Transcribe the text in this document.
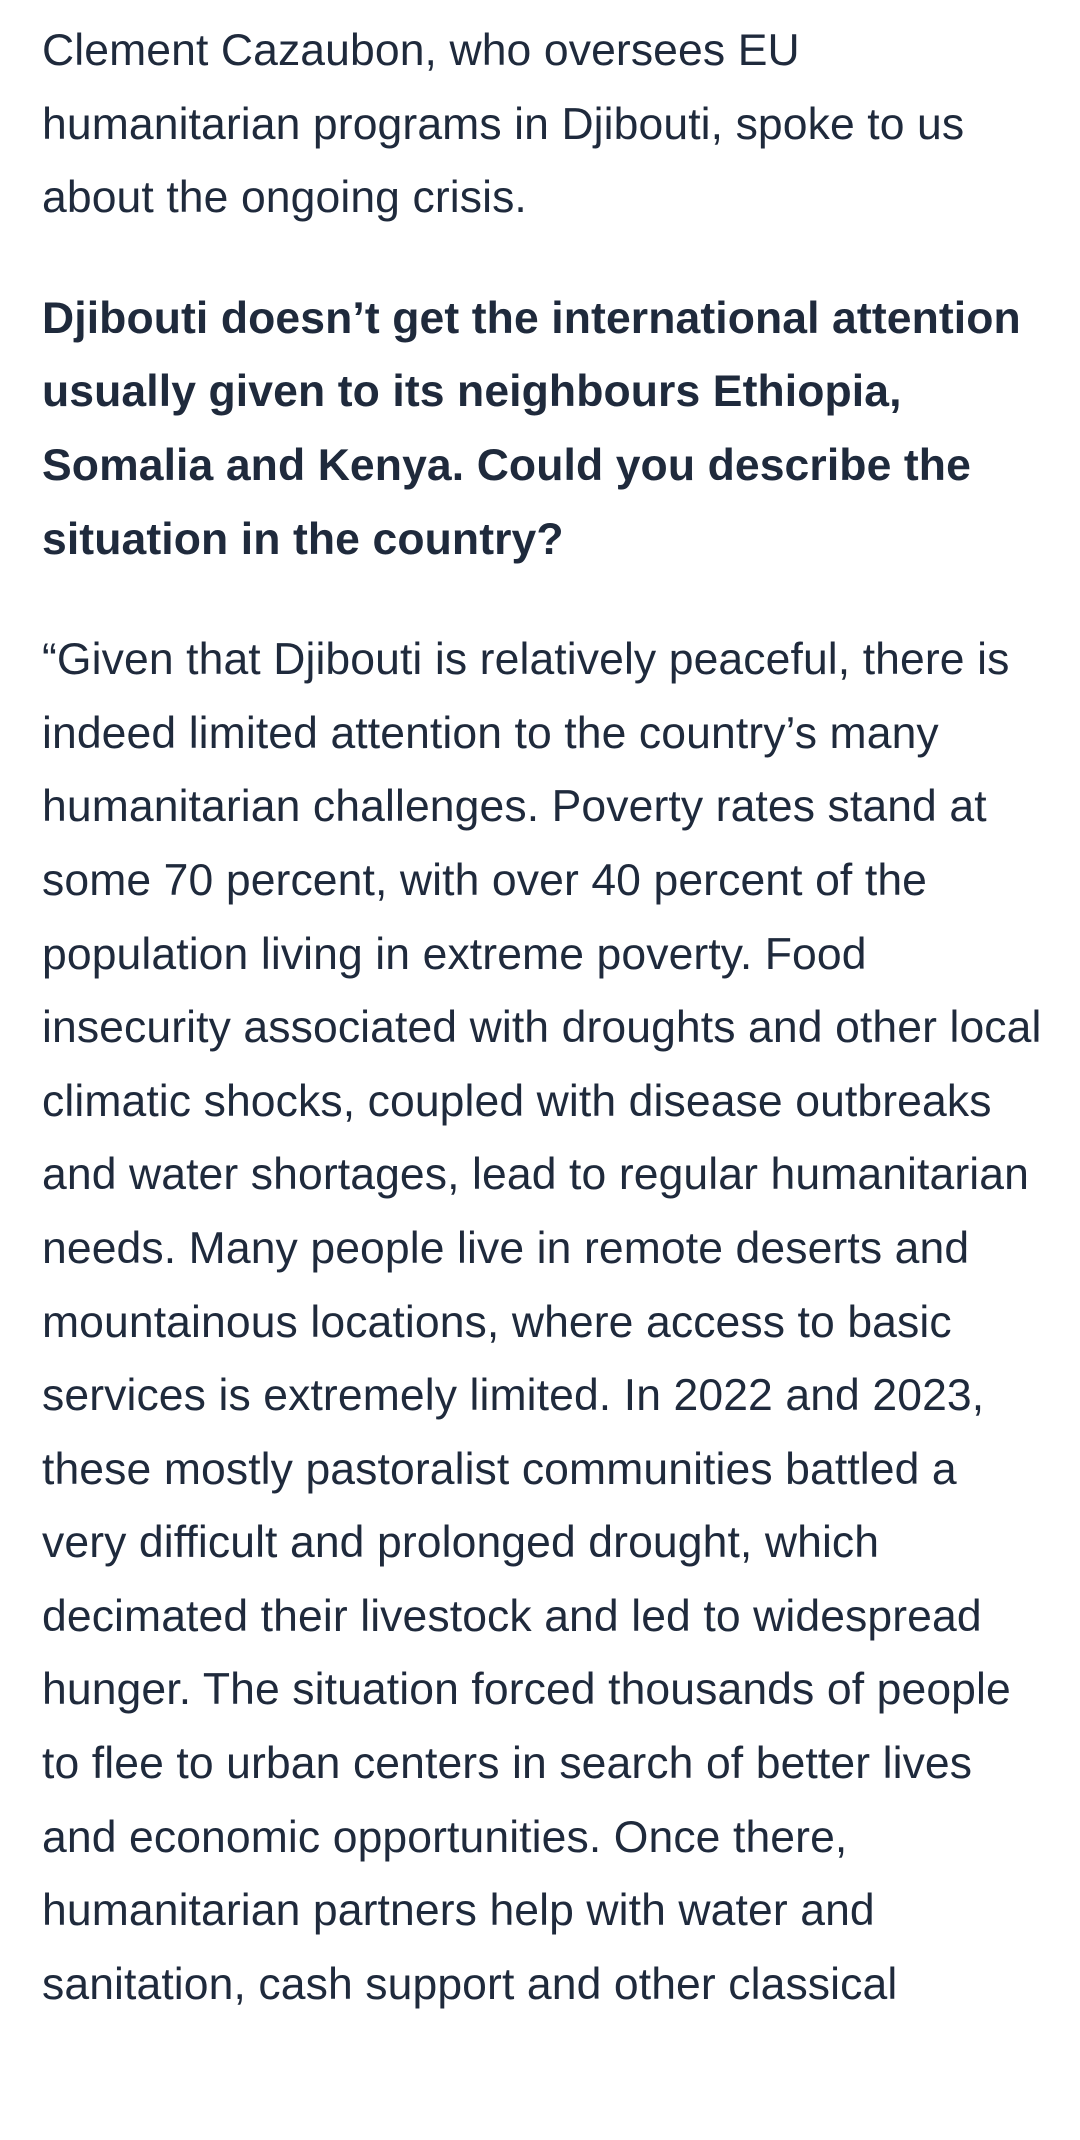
Clement Cazaubon, who oversees EU humanitarian programs in Djibouti, spoke to us about the ongoing crisis.

Djibouti doesn’t get the international attention usually given to its neighbours Ethiopia, Somalia and Kenya. Could you describe the situation in the country?

“Given that Djibouti is relatively peaceful, there is indeed limited attention to the country’s many humanitarian challenges. Poverty rates stand at some 70 percent, with over 40 percent of the population living in extreme poverty. Food insecurity associated with droughts and other local climatic shocks, coupled with disease outbreaks and water shortages, lead to regular humanitarian needs. Many people live in remote deserts and mountainous locations, where access to basic services is extremely limited. In 2022 and 2023, these mostly pastoralist communities battled a very difficult and prolonged drought, which decimated their livestock and led to widespread hunger. The situation forced thousands of people to flee to urban centers in search of better lives and economic opportunities. Once there, humanitarian partners help with water and sanitation, cash support and other classical
